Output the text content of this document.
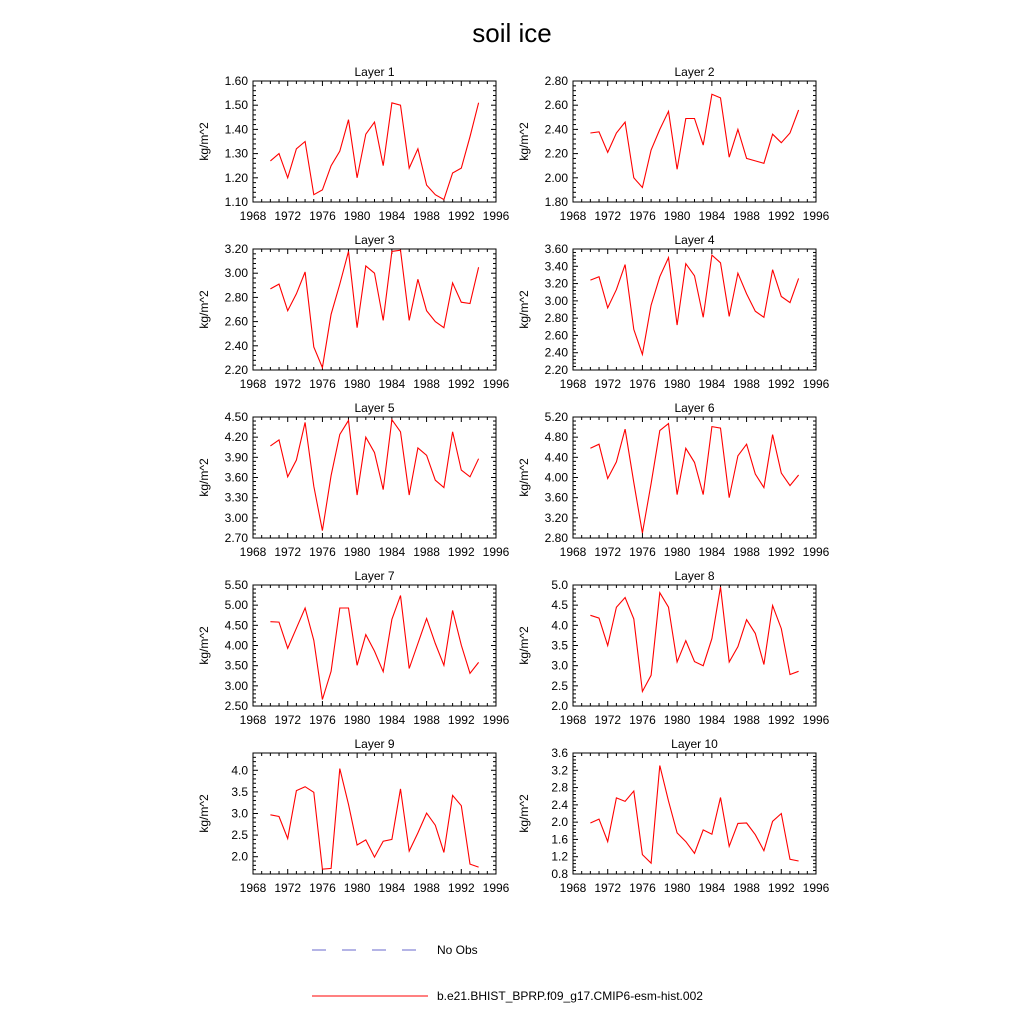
soil ice
Layer 1
1968 1972 1976 1980 1984 1988 1992 1996
1.10
1.20
1.30
1.40
1.50
1.60
kg/m^2
Layer 2
1968 1972 1976 1980 1984 1988 1992 1996
1.80
2.00
2.20
2.40
2.60
2.80
kg/m^2
Layer 3
1968 1972 1976 1980 1984 1988 1992 1996
2.20
2.40
2.60
2.80
3.00
3.20
kg/m^2
Layer 4
1968 1972 1976 1980 1984 1988 1992 1996
2.20
2.40
2.60
2.80
3.00
3.20
3.40
3.60
kg/m^2
Layer 5
1968 1972 1976 1980 1984 1988 1992 1996
2.70
3.00
3.30
3.60
3.90
4.20
4.50
kg/m^2
Layer 6
1968 1972 1976 1980 1984 1988 1992 1996
2.80
3.20
3.60
4.00
4.40
4.80
5.20
kg/m^2
Layer 7
1968 1972 1976 1980 1984 1988 1992 1996
2.50
3.00
3.50
4.00
4.50
5.00
5.50
kg/m^2
Layer 8
1968 1972 1976 1980 1984 1988 1992 1996
2.0
2.5
3.0
3.5
4.0
4.5
5.0
kg/m^2
Layer 9
1968 1972 1976 1980 1984 1988 1992 1996
2.0
2.5
3.0
3.5
4.0
kg/m^2
Layer 10
1968 1972 1976 1980 1984 1988 1992 1996
0.8
1.2
1.6
2.0
2.4
2.8
3.2
3.6
kg/m^2
No Obs
b.e21.BHIST_BPRP.f09_g17.CMIP6-esm-hist.002
